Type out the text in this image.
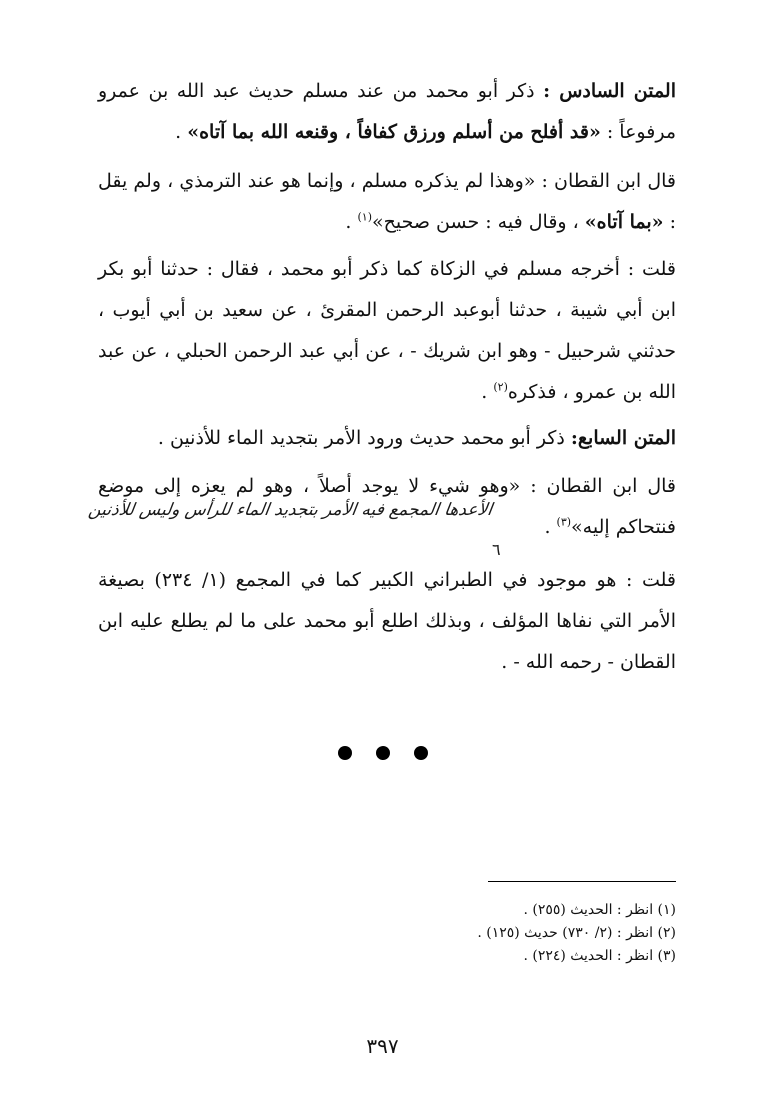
المتن السادس : ذكر أبو محمد من عند مسلم حديث عبد الله بن عمرو مرفوعاً : «قد أفلح من أسلم ورزق كفافاً ، وقنعه الله بما آتاه» .

قال ابن القطان : «وهذا لم يذكره مسلم ، وإنما هو عند الترمذي ، ولم يقل : «بما آتاه» ، وقال فيه : حسن صحيح»$^{(١)}$ .

قلت : أخرجه مسلم في الزكاة كما ذكر أبو محمد ، فقال : حدثنا أبو بكر ابن أبي شيبة ، حدثنا أبوعبد الرحمن المقرئ ، عن سعيد بن أبي أيوب ، حدثني شرحبيل - وهو ابن شريك - ، عن أبي عبد الرحمن الحبلي ، عن عبد الله بن عمرو ، فذكره$^{(٢)}$ .

المتن السابع: ذكر أبو محمد حديث ورود الأمر بتجديد الماء للأذنين .

قال ابن القطان : «وهو شيء لا يوجد أصلاً ، وهو لم يعزه إلى موضع فنتحاكم إليه»$^{(٣)}$ .

الأعدها المجمع فيه الأمر بتجديد الماء للرأس وليس للأذنين
٦

قلت : هو موجود في الطبراني الكبير كما في المجمع (١/ ٢٣٤) بصيغة الأمر التي نفاها المؤلف ، وبذلك اطلع أبو محمد على ما لم يطلع عليه ابن القطان - رحمه الله - .

(١) انظر : الحديث (٢٥٥) .

(٢) انظر : (٢/ ٧٣٠) حديث (١٢٥) .

(٣) انظر : الحديث (٢٢٤) .

٣٩٧
